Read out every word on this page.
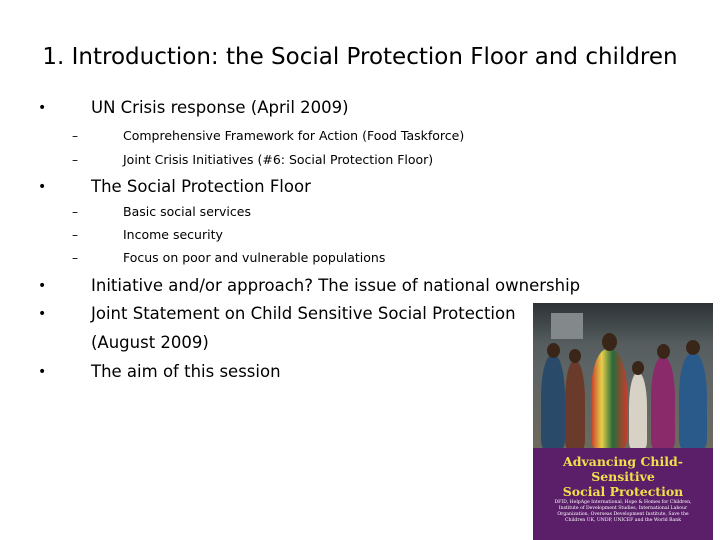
1. Introduction: the Social Protection Floor and children
•	UN Crisis response (April 2009)
–	Comprehensive Framework for Action (Food Taskforce)
–	Joint Crisis Initiatives (#6: Social Protection Floor)
•	The Social Protection Floor
–	Basic social services
–	Income security
–	Focus on poor and vulnerable populations
•	Initiative and/or approach? The issue of national ownership
•	Joint Statement on Child Sensitive Social Protection
(August 2009)
•	The aim of this session
Advancing Child-Sensitive
Social Protection
DFID, HelpAge International, Hope & Homes for Children, Institute of Development Studies, International Labour Organization, Overseas Development Institute, Save the Children UK, UNDP, UNICEF and the World Bank
